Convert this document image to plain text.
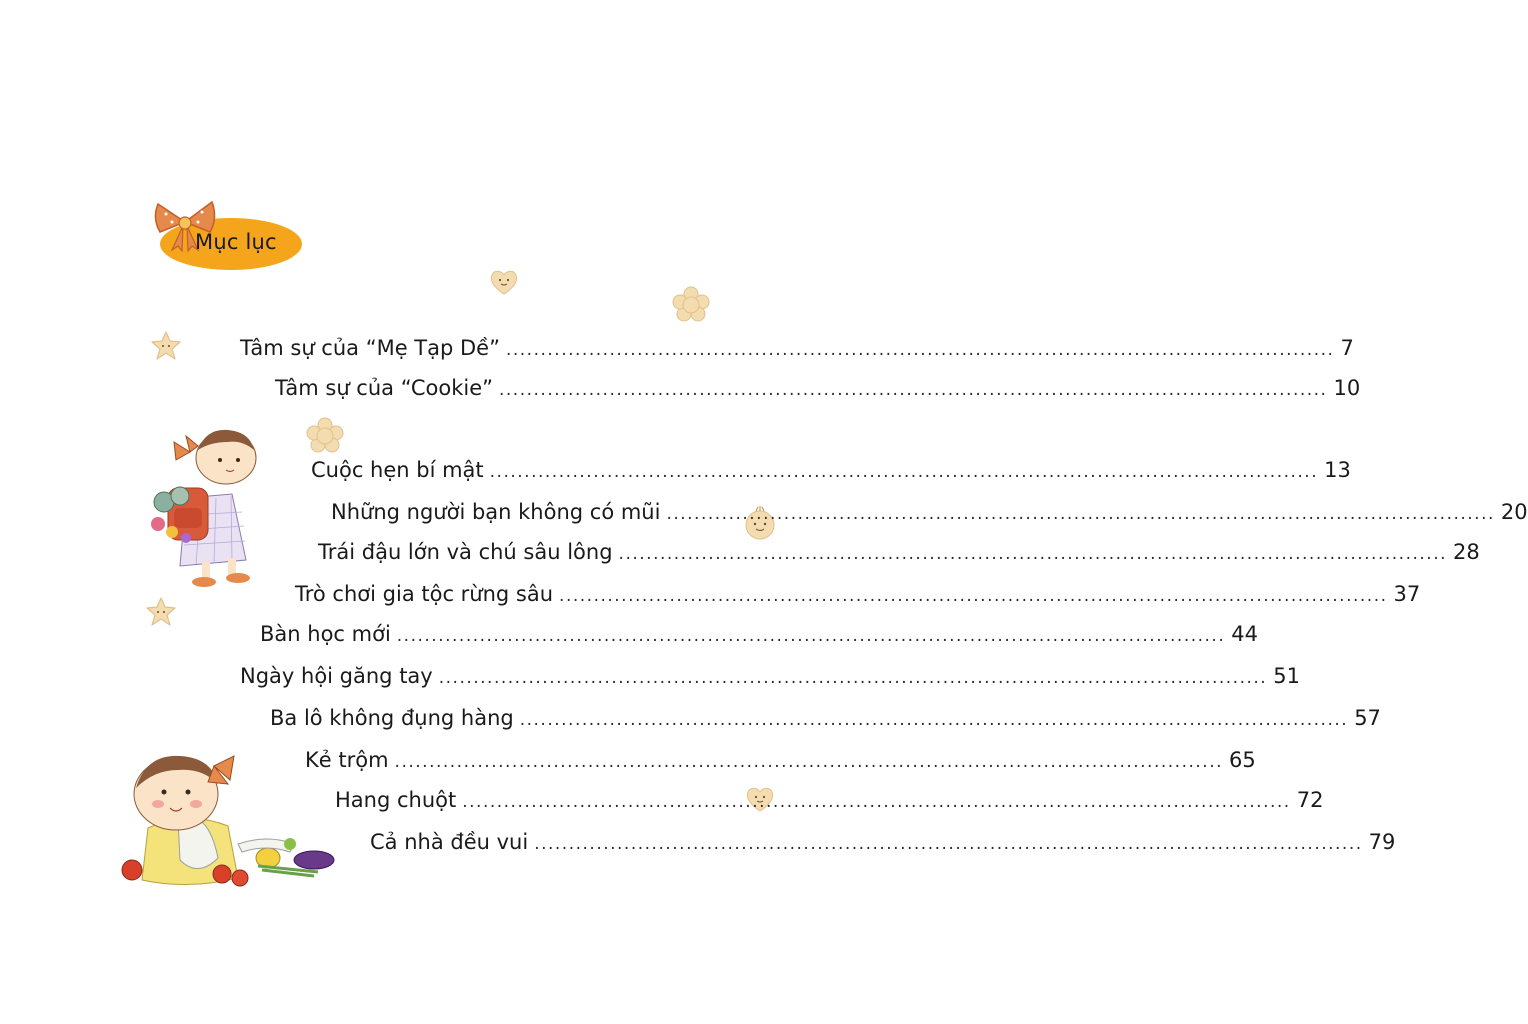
Mục lục
Tâm sự của “Mẹ Tạp Dề” ........................................................................................................................ 7
Tâm sự của “Cookie” ........................................................................................................................ 10
Cuộc hẹn bí mật ........................................................................................................................ 13
Những người bạn không có mũi ........................................................................................................................ 20
Trái đậu lớn và chú sâu lông ........................................................................................................................ 28
Trò chơi gia tộc rừng sâu ........................................................................................................................ 37
Bàn học mới ........................................................................................................................ 44
Ngày hội găng tay ........................................................................................................................ 51
Ba lô không đụng hàng ........................................................................................................................ 57
Kẻ trộm ........................................................................................................................ 65
Hang chuột ........................................................................................................................ 72
Cả nhà đều vui ........................................................................................................................ 79
